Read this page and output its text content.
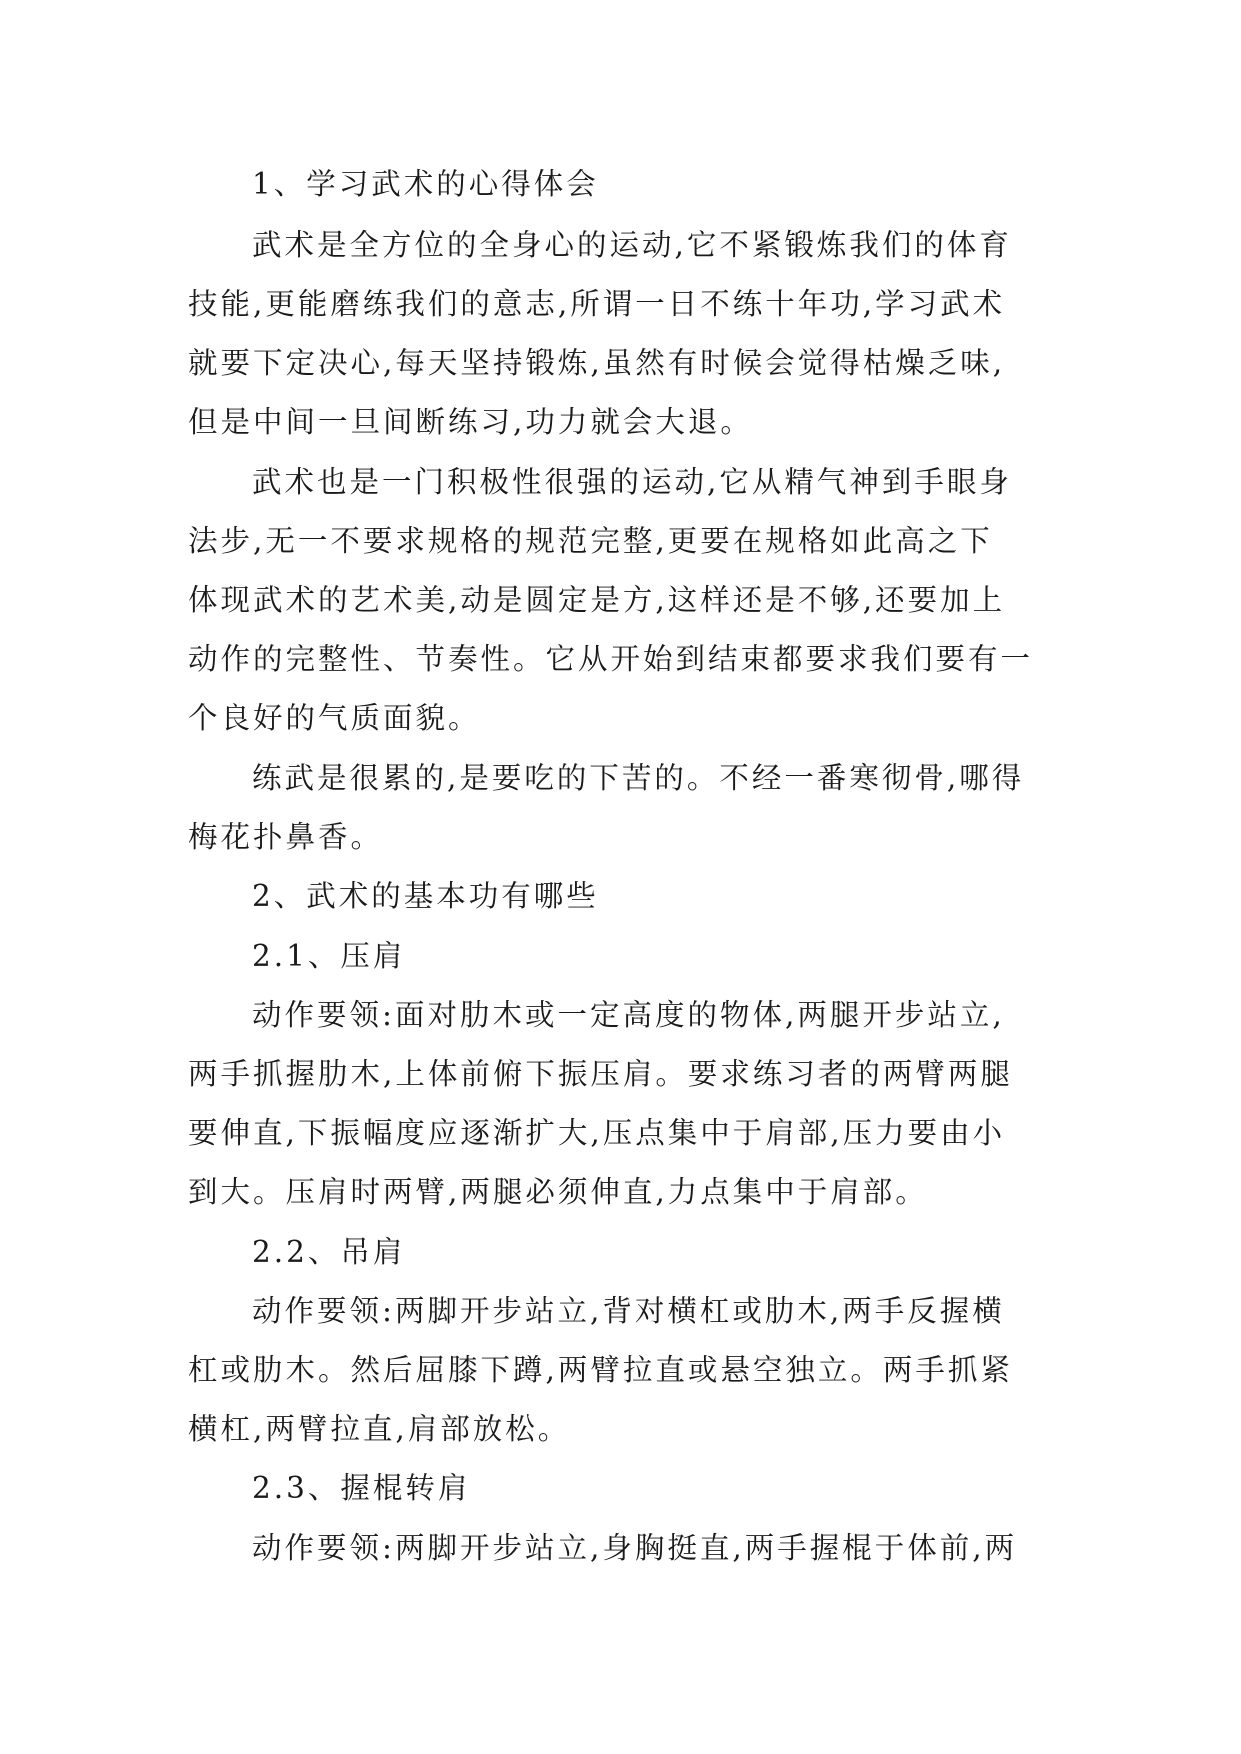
1、学习武术的心得体会
武术是全方位的全身心的运动,它不紧锻炼我们的体育
技能,更能磨练我们的意志,所谓一日不练十年功,学习武术
就要下定决心,每天坚持锻炼,虽然有时候会觉得枯燥乏味,
但是中间一旦间断练习,功力就会大退。
武术也是一门积极性很强的运动,它从精气神到手眼身
法步,无一不要求规格的规范完整,更要在规格如此高之下
体现武术的艺术美,动是圆定是方,这样还是不够,还要加上
动作的完整性、节奏性。它从开始到结束都要求我们要有一
个良好的气质面貌。
练武是很累的,是要吃的下苦的。不经一番寒彻骨,哪得
梅花扑鼻香。
2、武术的基本功有哪些
2.1、压肩
动作要领:面对肋木或一定高度的物体,两腿开步站立,
两手抓握肋木,上体前俯下振压肩。要求练习者的两臂两腿
要伸直,下振幅度应逐渐扩大,压点集中于肩部,压力要由小
到大。压肩时两臂,两腿必须伸直,力点集中于肩部。
2.2、吊肩
动作要领:两脚开步站立,背对横杠或肋木,两手反握横
杠或肋木。然后屈膝下蹲,两臂拉直或悬空独立。两手抓紧
横杠,两臂拉直,肩部放松。
2.3、握棍转肩
动作要领:两脚开步站立,身胸挺直,两手握棍于体前,两
